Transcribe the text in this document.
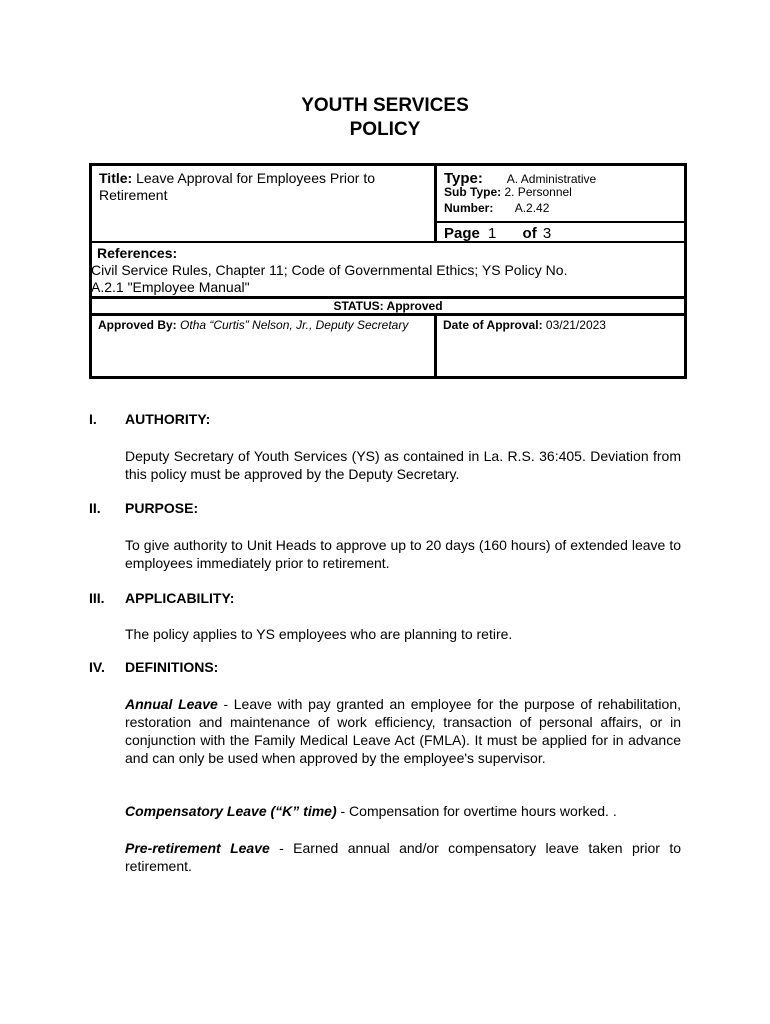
YOUTH SERVICES
POLICY
Title: Leave Approval for Employees Prior to Retirement
Type: A. Administrative
Sub Type: 2. Personnel
Number: A.2.42
Page 1 of 3
References:
Civil Service Rules, Chapter 11; Code of Governmental Ethics; YS Policy No.
A.2.1 "Employee Manual"
STATUS: Approved
Approved By: Otha “Curtis” Nelson, Jr., Deputy Secretary	Date of Approval: 03/21/2023
I. AUTHORITY:
Deputy Secretary of Youth Services (YS) as contained in La. R.S. 36:405. Deviation from this policy must be approved by the Deputy Secretary.
II. PURPOSE:
To give authority to Unit Heads to approve up to 20 days (160 hours) of extended leave to employees immediately prior to retirement.
III. APPLICABILITY:
The policy applies to YS employees who are planning to retire.
IV. DEFINITIONS:
Annual Leave - Leave with pay granted an employee for the purpose of rehabilitation, restoration and maintenance of work efficiency, transaction of personal affairs, or in conjunction with the Family Medical Leave Act (FMLA). It must be applied for in advance and can only be used when approved by the employee's supervisor.
Compensatory Leave (“K” time) - Compensation for overtime hours worked. .
Pre-retirement Leave - Earned annual and/or compensatory leave taken prior to retirement.
